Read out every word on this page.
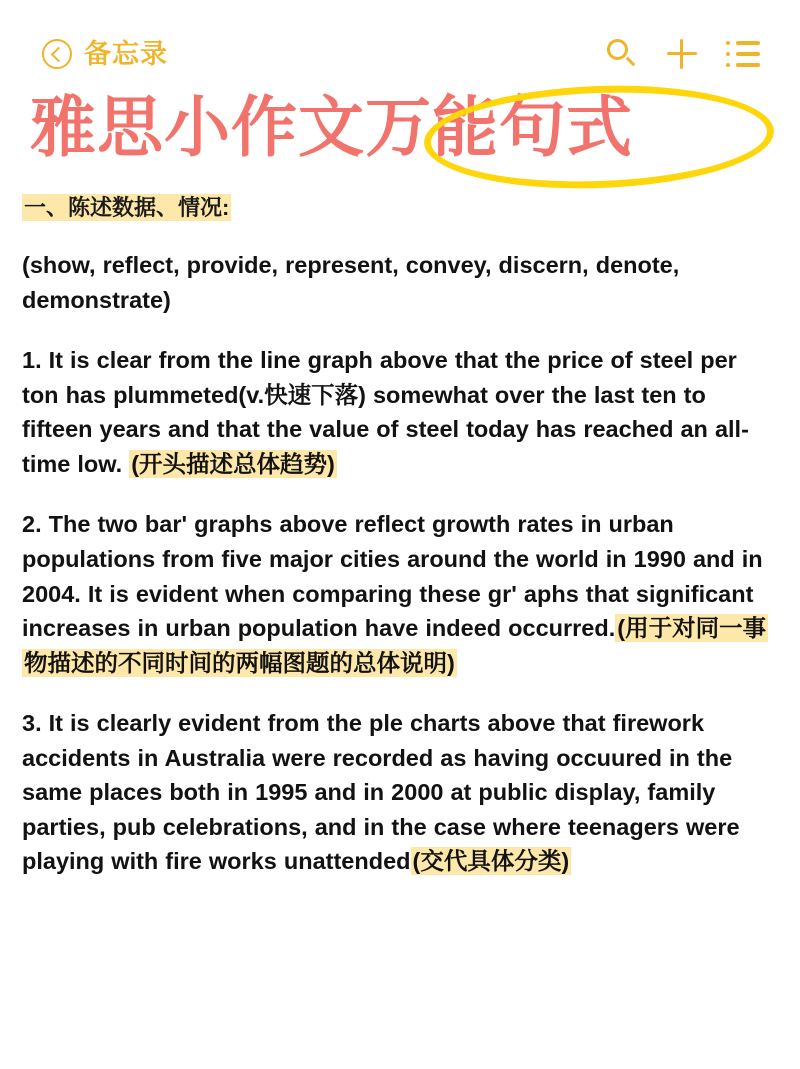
备忘录
雅思小作文万能句式
一、陈述数据、情况:
(show, reflect, provide, represent, convey, discern, denote, demonstrate)
1. It is clear from the line graph above that the price of steel per ton has plummeted(v.快速下落) somewhat over the last ten to fifteen years and that the value of steel today has reached an all-time low. (开头描述总体趋势)
2. The two bar' graphs above reflect growth rates in urban populations from five major cities around the world in 1990 and in 2004. It is evident when comparing these gr' aphs that significant increases in urban population have indeed occurred.(用于对同一事物描述的不同时间的两幅图题的总体说明)
3. It is clearly evident from the ple charts above that firework accidents in Australia were recorded as having occuured in the same places both in 1995 and in 2000 at public display, family parties, pub celebrations, and in the case where teenagers were playing with fire works unattended(交代具体分类)
